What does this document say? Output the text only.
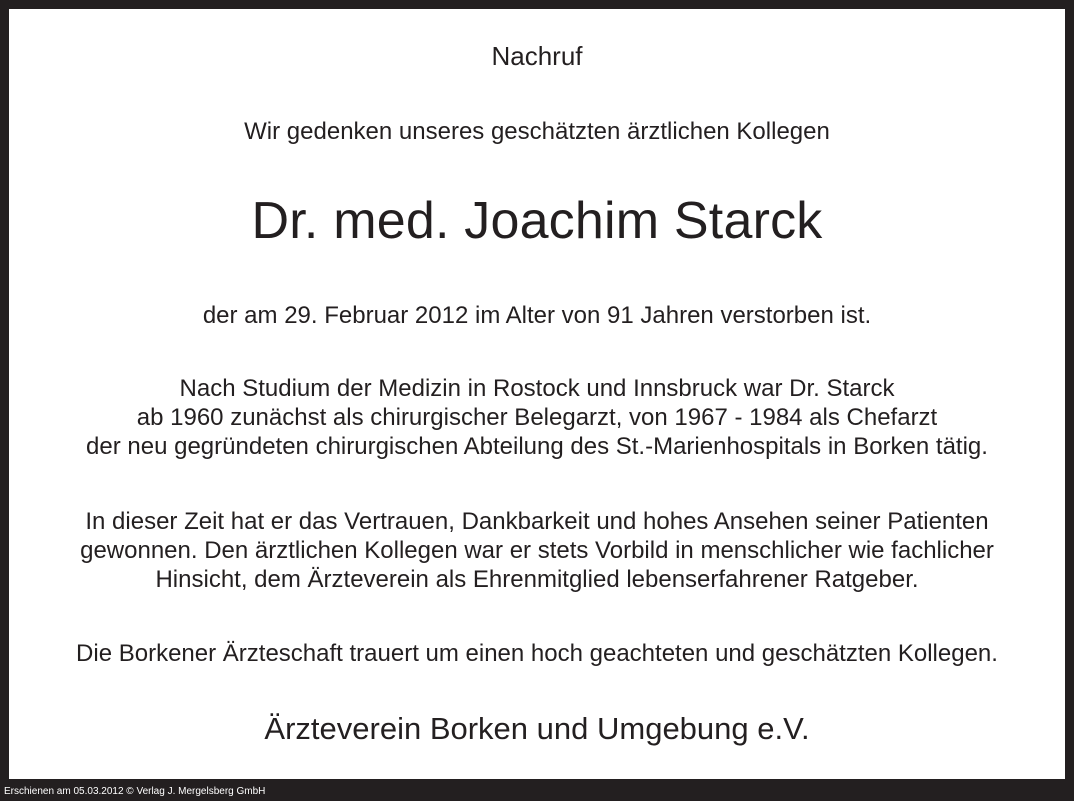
Nachruf
Wir gedenken unseres geschätzten ärztlichen Kollegen
Dr. med. Joachim Starck
der am 29. Februar 2012 im Alter von 91 Jahren verstorben ist.
Nach Studium der Medizin in Rostock und Innsbruck war Dr. Starck
ab 1960 zunächst als chirurgischer Belegarzt, von 1967 - 1984 als Chefarzt
der neu gegründeten chirurgischen Abteilung des St.-Marienhospitals in Borken tätig.
In dieser Zeit hat er das Vertrauen, Dankbarkeit und hohes Ansehen seiner Patienten
gewonnen. Den ärztlichen Kollegen war er stets Vorbild in menschlicher wie fachlicher
Hinsicht, dem Ärzteverein als Ehrenmitglied lebenserfahrener Ratgeber.
Die Borkener Ärzteschaft trauert um einen hoch geachteten und geschätzten Kollegen.
Ärzteverein Borken und Umgebung e.V.
Erschienen am 05.03.2012 © Verlag J. Mergelsberg GmbH
